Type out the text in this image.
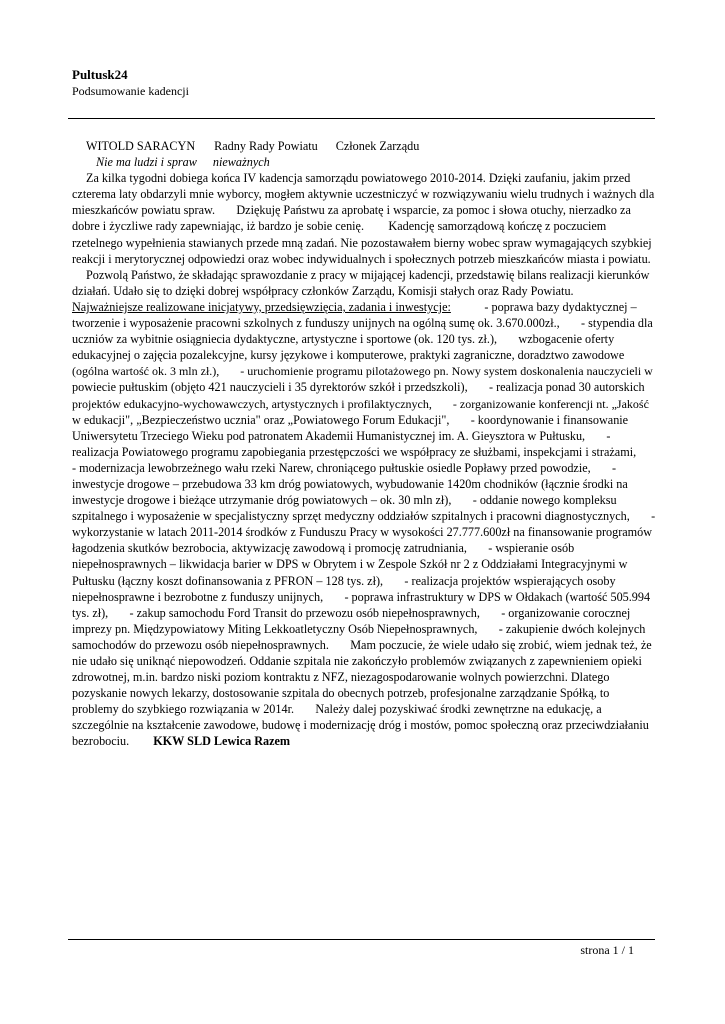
Pultusk24
Podsumowanie kadencji
WITOLD SARACYN Radny Rady Powiatu Członek Zarządu
Nie ma ludzi i spraw nieważnych
Za kilka tygodni dobiega końca IV kadencja samorządu powiatowego 2010-2014. Dzięki zaufaniu, jakim przed
czterema laty obdarzyli mnie wyborcy, mogłem aktywnie uczestniczyć w rozwiązywaniu wielu trudnych i ważnych dla
mieszkańców powiatu spraw.       Dziękuję Państwu za aprobatę i wsparcie, za pomoc i słowa otuchy, nierzadko za
dobre i życzliwe rady zapewniając, iż bardzo je sobie cenię.        Kadencję samorządową kończę z poczuciem
rzetelnego wypełnienia stawianych przede mną zadań. Nie pozostawałem bierny wobec spraw wymagających szybkiej
reakcji i merytorycznej odpowiedzi oraz wobec indywidualnych i społecznych potrzeb mieszkańców miasta i powiatu.
Pozwolą Państwo, że składając sprawozdanie z pracy w mijającej kadencji, przedstawię bilans realizacji kierunków
działań. Udało się to dzięki dobrej współpracy członków Zarządu, Komisji stałych oraz Rady Powiatu.
Najważniejsze realizowane inicjatywy, przedsięwzięcia, zadania i inwestycje:           - poprawa bazy dydaktycznej –
tworzenie i wyposażenie pracowni szkolnych z funduszy unijnych na ogólną sumę ok. 3.670.000zł.,       - stypendia dla
uczniów za wybitnie osiągniecia dydaktyczne, artystyczne i sportowe (ok. 120 tys. zł.),       wzbogacenie oferty
edukacyjnej o zajęcia pozalekcyjne, kursy językowe i komputerowe, praktyki zagraniczne, doradztwo zawodowe
(ogólna wartość ok. 3 mln zł.),       - uruchomienie programu pilotażowego pn. Nowy system doskonalenia nauczycieli w
powiecie pułtuskim (objęto 421 nauczycieli i 35 dyrektorów szkół i przedszkoli),       - realizacja ponad 30 autorskich
projektów edukacyjno-wychowawczych, artystycznych i profilaktycznych,       - zorganizowanie konferencji nt. „Jakość
w edukacji", „Bezpieczeństwo ucznia" oraz „Powiatowego Forum Edukacji",       - koordynowanie i finansowanie
Uniwersytetu Trzeciego Wieku pod patronatem Akademii Humanistycznej im. A. Gieysztora w Pułtusku,       -
realizacja Powiatowego programu zapobiegania przestępczości we współpracy ze służbami, inspekcjami i strażami,
- modernizacja lewobrzeżnego wału rzeki Narew, chroniącego pułtuskie osiedle Popławy przed powodzie,       -
inwestycje drogowe – przebudowa 33 km dróg powiatowych, wybudowanie 1420m chodników (łącznie środki na
inwestycje drogowe i bieżące utrzymanie dróg powiatowych – ok. 30 mln zł),       - oddanie nowego kompleksu
szpitalnego i wyposażenie w specjalistyczny sprzęt medyczny oddziałów szpitalnych i pracowni diagnostycznych,       -
wykorzystanie w latach 2011-2014 środków z Funduszu Pracy w wysokości 27.777.600zł na finansowanie programów
łagodzenia skutków bezrobocia, aktywizację zawodową i promocję zatrudniania,       - wspieranie osób
niepełnosprawnych – likwidacja barier w DPS w Obrytem i w Zespole Szkół nr 2 z Oddziałami Integracyjnymi w
Pułtusku (łączny koszt dofinansowania z PFRON – 128 tys. zł),       - realizacja projektów wspierających osoby
niepełnosprawne i bezrobotne z funduszy unijnych,       - poprawa infrastruktury w DPS w Ołdakach (wartość 505.994
tys. zł),       - zakup samochodu Ford Transit do przewozu osób niepełnosprawnych,       - organizowanie corocznej
imprezy pn. Międzypowiatowy Miting Lekkoatletyczny Osób Niepełnosprawnych,       - zakupienie dwóch kolejnych
samochodów do przewozu osób niepełnosprawnych.       Mam poczucie, że wiele udało się zrobić, wiem jednak też, że
nie udało się uniknąć niepowodzeń. Oddanie szpitala nie zakończyło problemów związanych z zapewnieniem opieki
zdrowotnej, m.in. bardzo niski poziom kontraktu z NFZ, niezagospodarowanie wolnych powierzchni. Dlatego
pozyskanie nowych lekarzy, dostosowanie szpitala do obecnych potrzeb, profesjonalne zarządzanie Spółką, to
problemy do szybkiego rozwiązania w 2014r.       Należy dalej pozyskiwać środki zewnętrzne na edukację, a
szczególnie na kształcenie zawodowe, budowę i modernizację dróg i mostów, pomoc społeczną oraz przeciwdziałaniu
bezrobociu. KKW SLD Lewica Razem
strona 1 / 1
